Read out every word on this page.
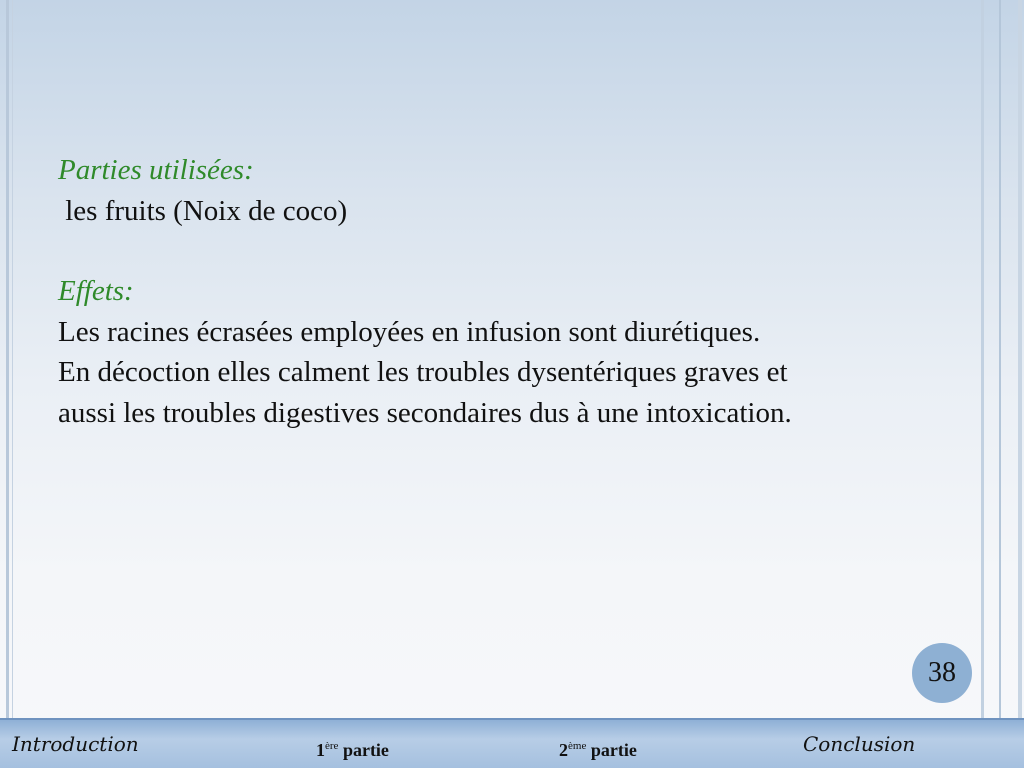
Parties utilisées:
les fruits (Noix de coco)
Effets:
Les racines écrasées employées en infusion sont diurétiques.
En décoction elles calment les troubles dysentériques graves et
aussi les troubles digestives secondaires dus à une intoxication.
38
Introduction	1ère partie	2ème partie	Conclusion
